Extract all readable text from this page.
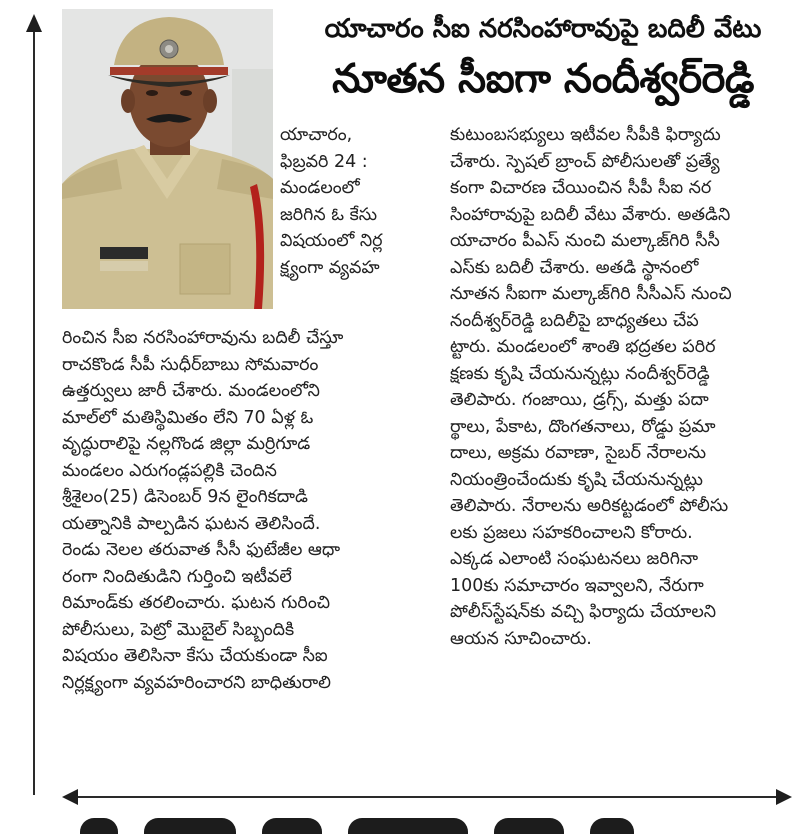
యాచారం సీఐ నరసింహారావుపై బదిలీ వేటు
నూతన సీఐగా నందీశ్వర్‌రెడ్డి

యాచారం,

ఫిబ్రవరి 24 :

మండలంలో

జరిగిన ఓ కేసు

విషయంలో నిర్ల

క్ష్యంగా వ్యవహ

రించిన సీఐ నరసింహారావును బదిలీ చేస్తూ

రాచకొండ సీపీ సుధీర్‌బాబు సోమవారం

ఉత్తర్వులు జారీ చేశారు. మండలంలోని

మాల్‌లో మతిస్థిమితం లేని 70 ఏళ్ల ఓ

వృద్ధురాలిపై నల్లగొండ జిల్లా మర్రిగూడ

మండలం ఎరుగండ్లపల్లికి చెందిన

శ్రీశైలం(25) డిసెంబర్ 9న లైంగికదాడి

యత్నానికి పాల్పడిన ఘటన తెలిసిందే.

రెండు నెలల తరువాత సీసీ ఫుటేజీల ఆధా

రంగా నిందితుడిని గుర్తించి ఇటీవలే

రిమాండ్‌కు తరలించారు. ఘటన గురించి

పోలీసులు, పెట్రో మొబైల్ సిబ్బందికి

విషయం తెలిసినా కేసు చేయకుండా సీఐ

నిర్లక్ష్యంగా వ్యవహరించారని బాధితురాలి

కుటుంబసభ్యులు ఇటీవల సీపీకి ఫిర్యాదు

చేశారు. స్పెషల్ బ్రాంచ్ పోలీసులతో ప్రత్యే

కంగా విచారణ చేయించిన సీపీ సీఐ నర

సింహారావుపై బదిలీ వేటు వేశారు. అతడిని

యాచారం పీఎస్ నుంచి మల్కాజ్‌గిరి సీసీ

ఎస్‌కు బదిలీ చేశారు. అతడి స్థానంలో

నూతన సీఐగా మల్కాజ్‌గిరి సీసీఎస్ నుంచి

నందీశ్వర్‌రెడ్డి బదిలీపై బాధ్యతలు చేప

ట్టారు. మండలంలో శాంతి భద్రతల పరిర

క్షణకు కృషి చేయనున్నట్లు నందీశ్వర్‌రెడ్డి

తెలిపారు. గంజాయి, డ్రగ్స్, మత్తు పదా

ర్థాలు, పేకాట, దొంగతనాలు, రోడ్డు ప్రమా

దాలు, అక్రమ రవాణా, సైబర్ నేరాలను

నియంత్రించేందుకు కృషి చేయనున్నట్లు

తెలిపారు. నేరాలను అరికట్టడంలో పోలీసు

లకు ప్రజలు సహకరించాలని కోరారు.

ఎక్కడ ఎలాంటి సంఘటనలు జరిగినా

100కు సమాచారం ఇవ్వాలని, నేరుగా

పోలీస్‌స్టేషన్‌కు వచ్చి ఫిర్యాదు చేయాలని

ఆయన సూచించారు.
